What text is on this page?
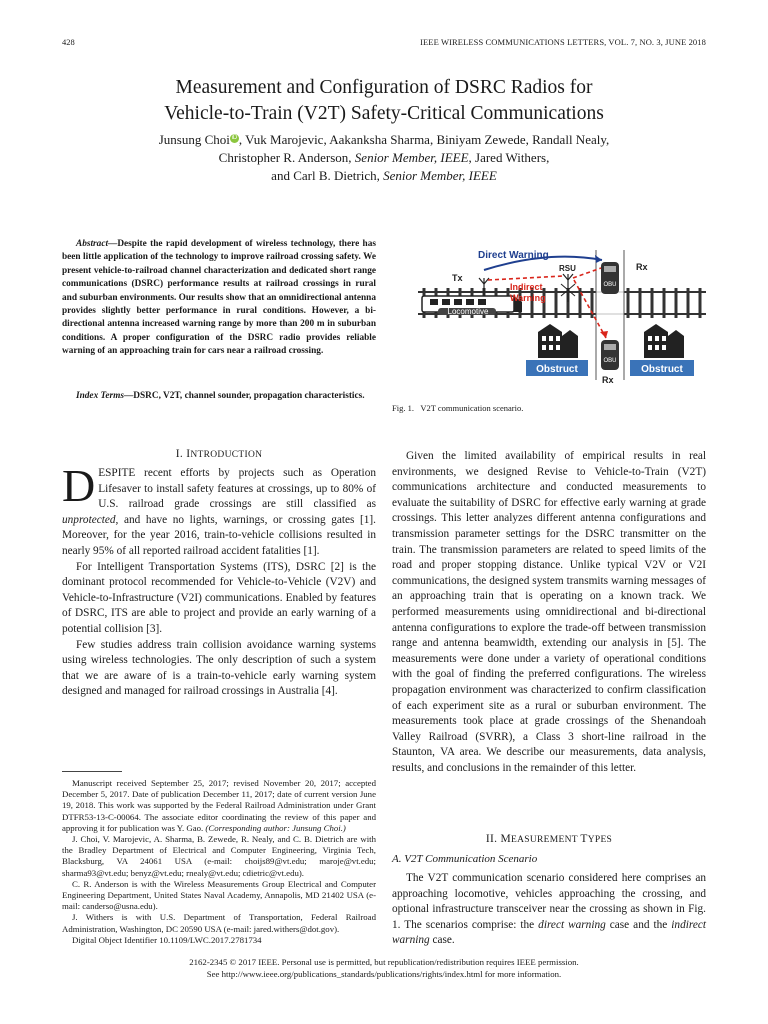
428	IEEE WIRELESS COMMUNICATIONS LETTERS, VOL. 7, NO. 3, JUNE 2018
Measurement and Configuration of DSRC Radios for
Vehicle-to-Train (V2T) Safety-Critical Communications
Junsung Choi iD , Vuk Marojevic, Aakanksha Sharma, Biniyam Zewede, Randall Nealy,
Christopher R. Anderson, Senior Member, IEEE, Jared Withers,
and Carl B. Dietrich, Senior Member, IEEE
Abstract—Despite the rapid development of wireless technology, there has been little application of the technology to improve railroad crossing safety. We present vehicle-to-railroad channel characterization and dedicated short range communications (DSRC) performance results at railroad crossings in rural and suburban environments. Our results show that an omnidirectional antenna provides slightly better performance in rural conditions. However, a bi-directional antenna increased warning range by more than 200 m in suburban conditions. A proper configuration of the DSRC radio provides reliable warning of an approaching train for cars near a railroad crossing.
Index Terms—DSRC, V2T, channel sounder, propagation characteristics.
Locomotive
Tx
RSU
OBU
Rx
OBU
Rx
Direct Warning
Indirect
Warning
Obstruct	Obstruct
Fig. 1. V2T communication scenario.
I. INTRODUCTION

DESPITE recent efforts by projects such as Operation Lifesaver to install safety features at crossings, up to 80% of U.S. railroad grade crossings are still classified as unprotected, and have no lights, warnings, or crossing gates [1]. Moreover, for the year 2016, train-to-vehicle collisions resulted in nearly 95% of all reported railroad accident fatalities [1].

For Intelligent Transportation Systems (ITS), DSRC [2] is the dominant protocol recommended for Vehicle-to-Vehicle (V2V) and Vehicle-to-Infrastructure (V2I) communications. Enabled by features of DSRC, ITS are able to project and provide an early warning of a potential collision [3].

Few studies address train collision avoidance warning systems using wireless technologies. The only description of such a system that we are aware of is a train-to-vehicle early warning system designed and managed for railroad crossings in Australia [4].

Manuscript received September 25, 2017; revised November 20, 2017; accepted December 5, 2017. Date of publication December 11, 2017; date of current version June 19, 2018. This work was supported by the Federal Railroad Administration under Grant DTFR53-13-C-00064. The associate editor coordinating the review of this paper and approving it for publication was Y. Gao. (Corresponding author: Junsung Choi.)

J. Choi, V. Marojevic, A. Sharma, B. Zewede, R. Nealy, and C. B. Dietrich are with the Bradley Department of Electrical and Computer Engineering, Virginia Tech, Blacksburg, VA 24061 USA (e-mail: choijs89@vt.edu; maroje@vt.edu; sharma93@vt.edu; benyz@vt.edu; rnealy@vt.edu; cdietric@vt.edu).

C. R. Anderson is with the Wireless Measurements Group Electrical and Computer Engineering Department, United States Naval Academy, Annapolis, MD 21402 USA (e-mail: canderso@usna.edu).

J. Withers is with U.S. Department of Transportation, Federal Railroad Administration, Washington, DC 20590 USA (e-mail: jared.withers@dot.gov).

Digital Object Identifier 10.1109/LWC.2017.2781734

Given the limited availability of empirical results in real environments, we designed Revise to Vehicle-to-Train (V2T) communications architecture and conducted measurements to evaluate the suitability of DSRC for effective early warning at grade crossings. This letter analyzes different antenna configurations and transmission parameter settings for the DSRC transmitter on the train. The transmission parameters are related to speed limits of the road and proper stopping distance. Unlike typical V2V or V2I communications, the designed system transmits warning messages of an approaching train that is operating on a known track. We performed measurements using omnidirectional and bi-directional antenna configurations to explore the trade-off between transmission range and antenna beamwidth, extending our analysis in [5]. The measurements were done under a variety of operational conditions with the goal of finding the preferred configurations. The wireless propagation environment was characterized to confirm classification of each experiment site as a rural or suburban environment. The measurements took place at grade crossings of the Shenandoah Valley Railroad (SVRR), a Class 3 short-line railroad in the Staunton, VA area. We describe our measurements, data analysis, results, and conclusions in the remainder of this letter.

II. MEASUREMENT TYPES
A. V2T Communication Scenario

The V2T communication scenario considered here comprises an approaching locomotive, vehicles approaching the crossing, and optional infrastructure transceiver near the crossing as shown in Fig. 1. The scenarios comprise: the direct warning case and the indirect warning case.

2162-2345 © 2017 IEEE. Personal use is permitted, but republication/redistribution requires IEEE permission.
See http://www.ieee.org/publications_standards/publications/rights/index.html for more information.
